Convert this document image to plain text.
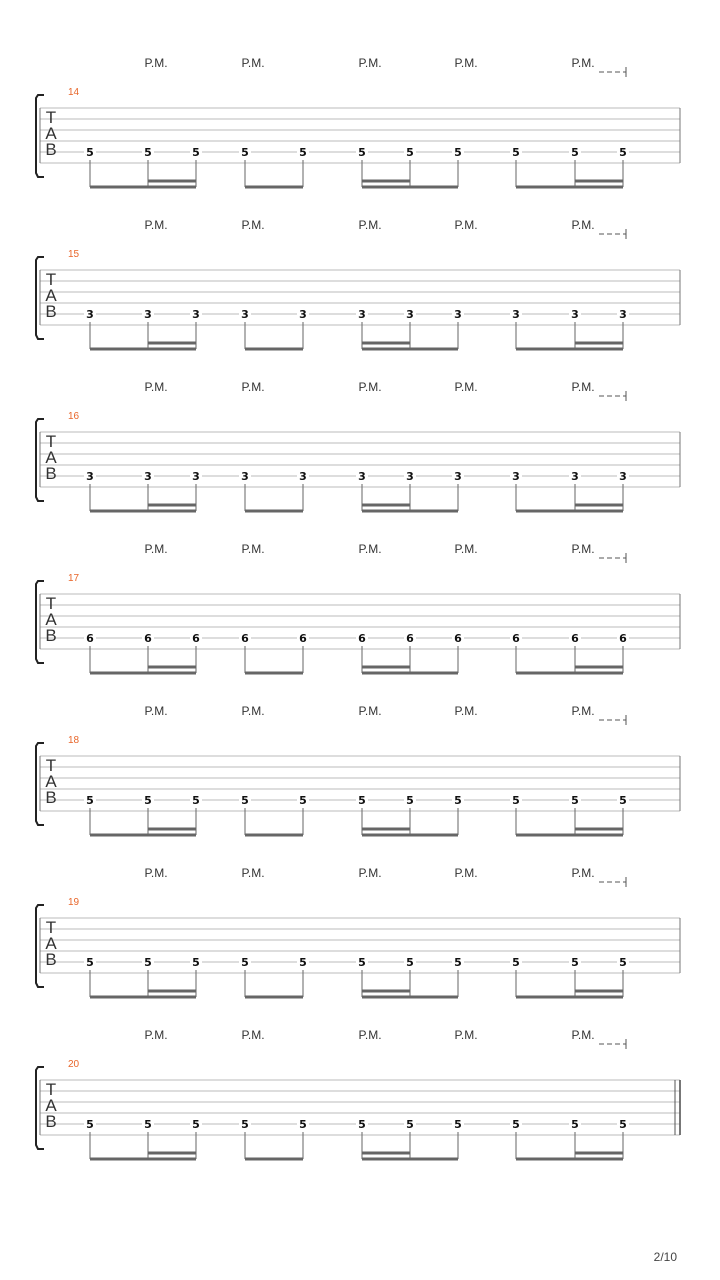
P.M.	P.M.	P.M.	P.M.	P.M.
14
T
A
B	5	5	5	5	5	5	5	5	5	5	5
P.M.	P.M.	P.M.	P.M.	P.M.
15
T
A
B	3	3	3	3	3	3	3	3	3	3	3
P.M.	P.M.	P.M.	P.M.	P.M.
16
T
A
B	3	3	3	3	3	3	3	3	3	3	3
P.M.	P.M.	P.M.	P.M.	P.M.
17
T
A
B	6	6	6	6	6	6	6	6	6	6	6
P.M.	P.M.	P.M.	P.M.	P.M.
18
T
A
B	5	5	5	5	5	5	5	5	5	5	5
P.M.	P.M.	P.M.	P.M.	P.M.
19
T
A
B	5	5	5	5	5	5	5	5	5	5	5
P.M.	P.M.	P.M.	P.M.	P.M.
20
T
A
B	5	5	5	5	5	5	5	5	5	5	5
2/10
